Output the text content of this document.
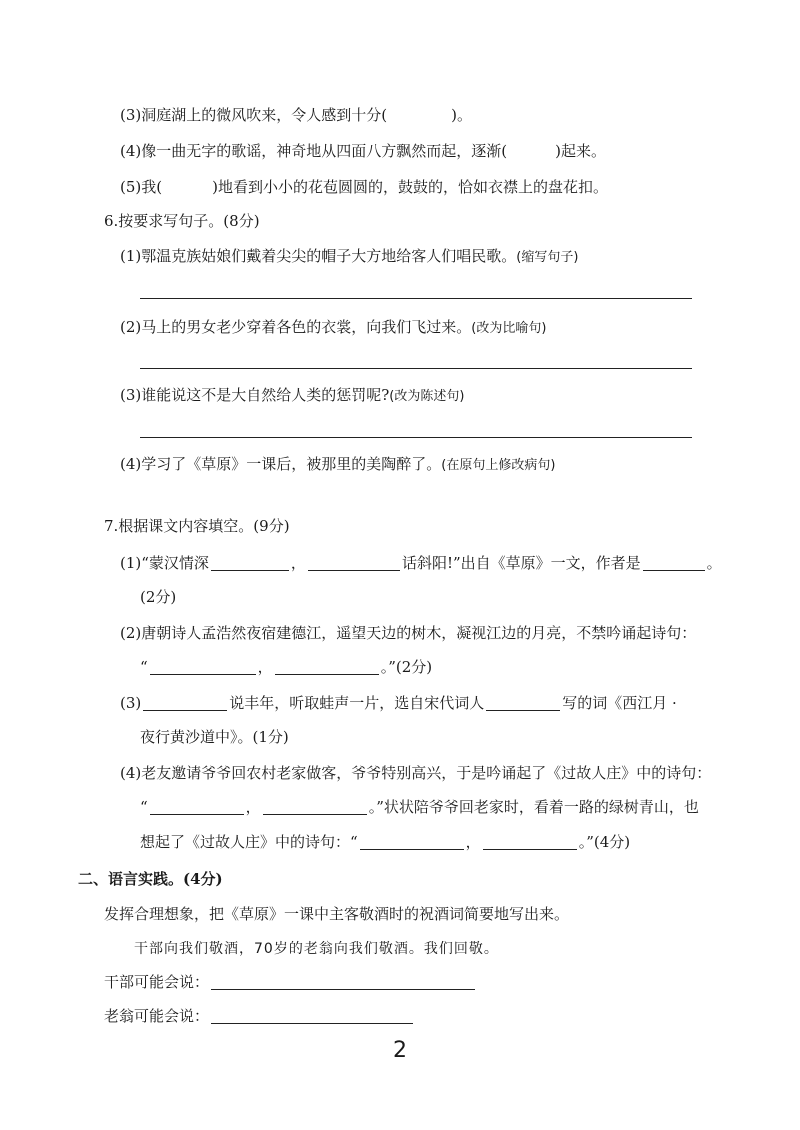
(3)洞庭湖上的微风吹来，令人感到十分(	)。
(4)像一曲无字的歌谣，神奇地从四面八方飘然而起，逐渐(	)起来。
(5)我(	)地看到小小的花苞圆圆的，鼓鼓的，恰如衣襟上的盘花扣。
6.按要求写句子。(8分)
(1)鄂温克族姑娘们戴着尖尖的帽子大方地给客人们唱民歌。(缩写句子)
(2)马上的男女老少穿着各色的衣裳，向我们飞过来。(改为比喻句)
(3)谁能说这不是大自然给人类的惩罚呢?(改为陈述句)
(4)学习了《草原》一课后，被那里的美陶醉了。(在原句上修改病句)
7.根据课文内容填空。(9分)
(1)“蒙汉情深	，	话斜阳!”出自《草原》一文，作者是	。
(2分)
(2)唐朝诗人孟浩然夜宿建德江，遥望天边的树木，凝视江边的月亮，不禁吟诵起诗句：
“	，	。”(2分)
(3)	说丰年，听取蛙声一片，选自宋代词人	写的词《西江月 ·
夜行黄沙道中》。(1分)
(4)老友邀请爷爷回农村老家做客，爷爷特别高兴，于是吟诵起了《过故人庄》中的诗句：
“	，	。”状状陪爷爷回老家时，看着一路的绿树青山，也
想起了《过故人庄》中的诗句：“	，	。”(4分)
二、语言实践。(4分)
发挥合理想象，把《草原》一课中主客敬酒时的祝酒词简要地写出来。
干部向我们敬酒，70岁的老翁向我们敬酒。我们回敬。
干部可能会说：
老翁可能会说：
2
